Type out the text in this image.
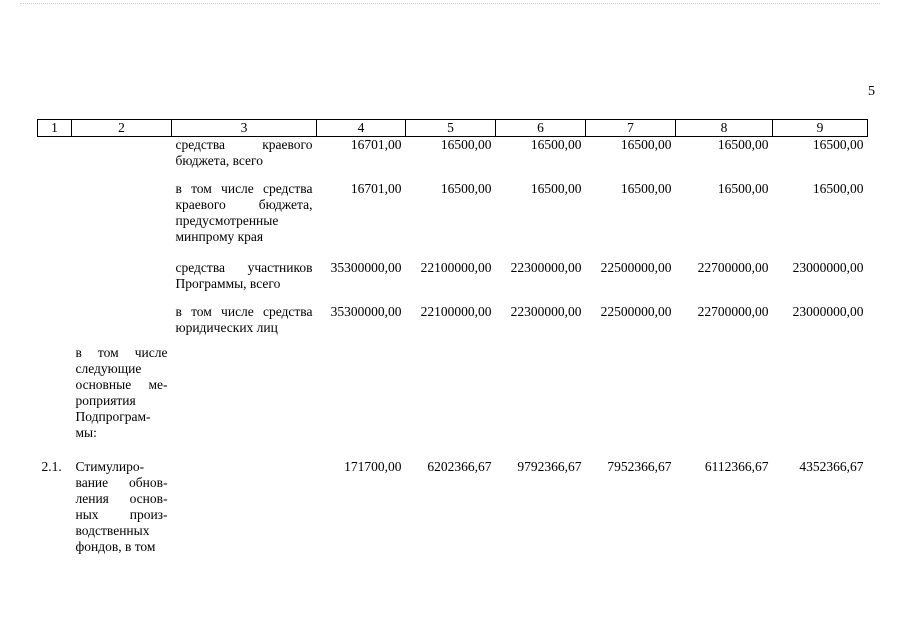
5
1	2	3	4	5	6	7	8	9
		средства краевого бюджета, всего	16701,00	16500,00	16500,00	16500,00	16500,00	16500,00
		в том числе средства краевого бюджета, предусмотренные минпрому края	16701,00	16500,00	16500,00	16500,00	16500,00	16500,00
		средства участников Программы, всего	35300000,00	22100000,00	22300000,00	22500000,00	22700000,00	23000000,00
		в том числе средства юридических лиц	35300000,00	22100000,00	22300000,00	22500000,00	22700000,00	23000000,00
	в том числе следующие основные ме-роприятия Подпрограм-мы:							
2.1.	Стимулиро-вание обнов-ления основ-ных произ-водственных фондов, в том		171700,00	6202366,67	9792366,67	7952366,67	6112366,67	4352366,67
